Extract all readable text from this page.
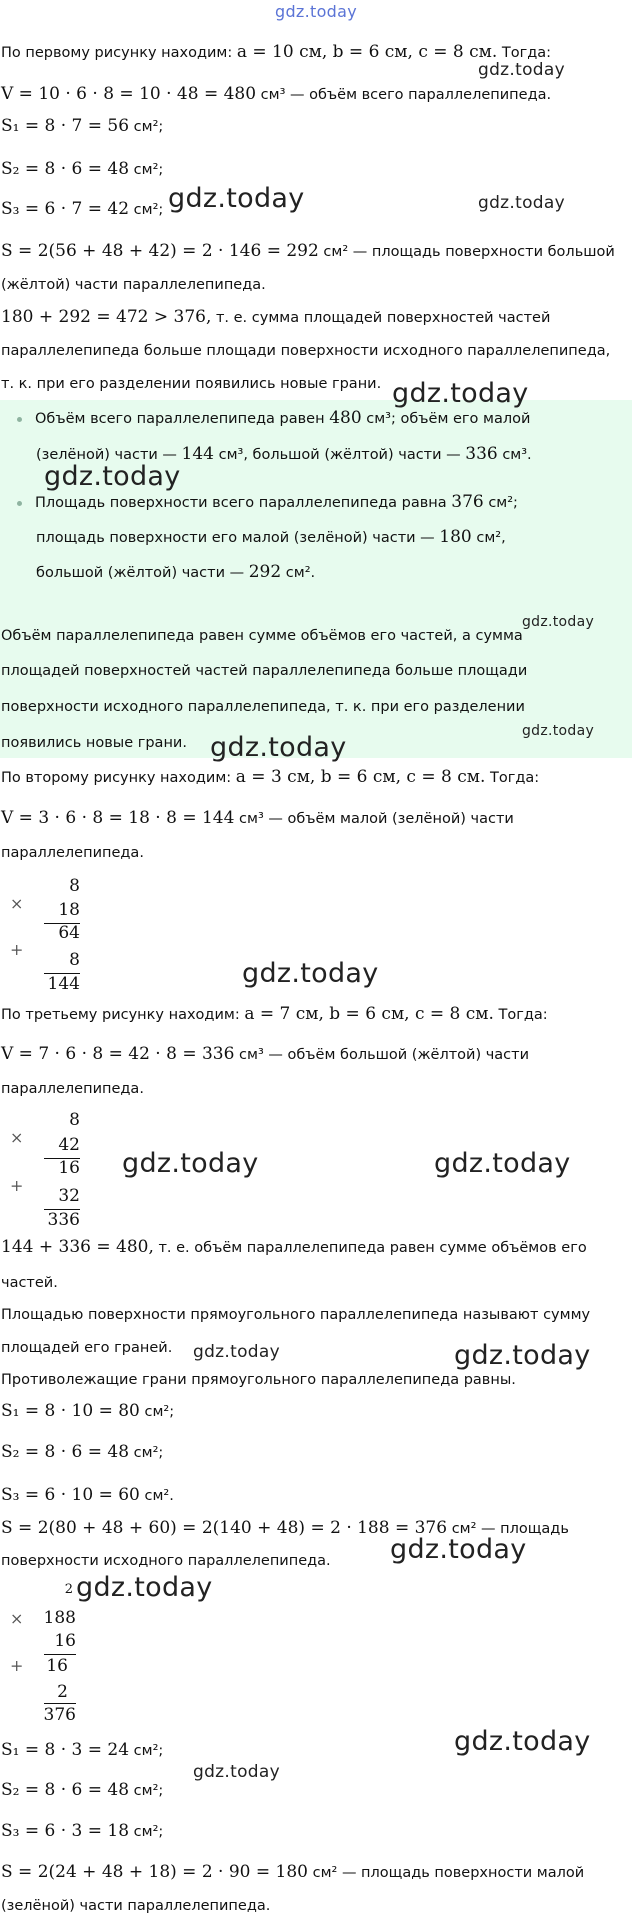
gdz.today
По первому рисунку находим: a = 10 см, b = 6 см, c = 8 см. Тогда:
V = 10 · 6 · 8 = 10 · 48 = 480 см³ — объём всего параллелепипеда.
S₁ = 8 · 7 = 56 см²;
S₂ = 8 · 6 = 48 см²;
S₃ = 6 · 7 = 42 см²;
S = 2(56 + 48 + 42) = 2 · 146 = 292 см² — площадь поверхности большой
(жёлтой) части параллелепипеда.
180 + 292 = 472 > 376, т. е. сумма площадей поверхностей частей
параллелепипеда больше площади поверхности исходного параллелепипеда,
т. к. при его разделении появились новые грани.
Объём всего параллелепипеда равен 480 см³; объём его малой
(зелёной) части — 144 см³, большой (жёлтой) части — 336 см³.
Площадь поверхности всего параллелепипеда равна 376 см²;
площадь поверхности его малой (зелёной) части — 180 см²,
большой (жёлтой) части — 292 см².
Объём параллелепипеда равен сумме объёмов его частей, а сумма
площадей поверхностей частей параллелепипеда больше площади
поверхности исходного параллелепипеда, т. к. при его разделении
появились новые грани.
По второму рисунку находим: a = 3 см, b = 6 см, c = 8 см. Тогда:
V = 3 · 6 · 8 = 18 · 8 = 144 см³ — объём малой (зелёной) части
параллелепипеда.
×
+
8
18
64
8
144
По третьему рисунку находим: a = 7 см, b = 6 см, c = 8 см. Тогда:
V = 7 · 6 · 8 = 42 · 8 = 336 см³ — объём большой (жёлтой) части
параллелепипеда.
×
+
8
42
16
32
336
144 + 336 = 480, т. е. объём параллелепипеда равен сумме объёмов его
частей.
Площадью поверхности прямоугольного параллелепипеда называют сумму
площадей его граней.
Противолежащие грани прямоугольного параллелепипеда равны.
S₁ = 8 · 10 = 80 см²;
S₂ = 8 · 6 = 48 см²;
S₃ = 6 · 10 = 60 см².
S = 2(80 + 48 + 60) = 2(140 + 48) = 2 · 188 = 376 см² — площадь
поверхности исходного параллелепипеда.
×
+
2
188
16
16
2
376
S₁ = 8 · 3 = 24 см²;
S₂ = 8 · 6 = 48 см²;
S₃ = 6 · 3 = 18 см²;
S = 2(24 + 48 + 18) = 2 · 90 = 180 см² — площадь поверхности малой
(зелёной) части параллелепипеда.
gdz.today
gdz.today	gdz.today
gdz.today
gdz.today
gdz.today
gdz.today
gdz.today
gdz.today
gdz.today	gdz.today
gdz.today	gdz.today
gdz.today
gdz.today
gdz.today
gdz.today
